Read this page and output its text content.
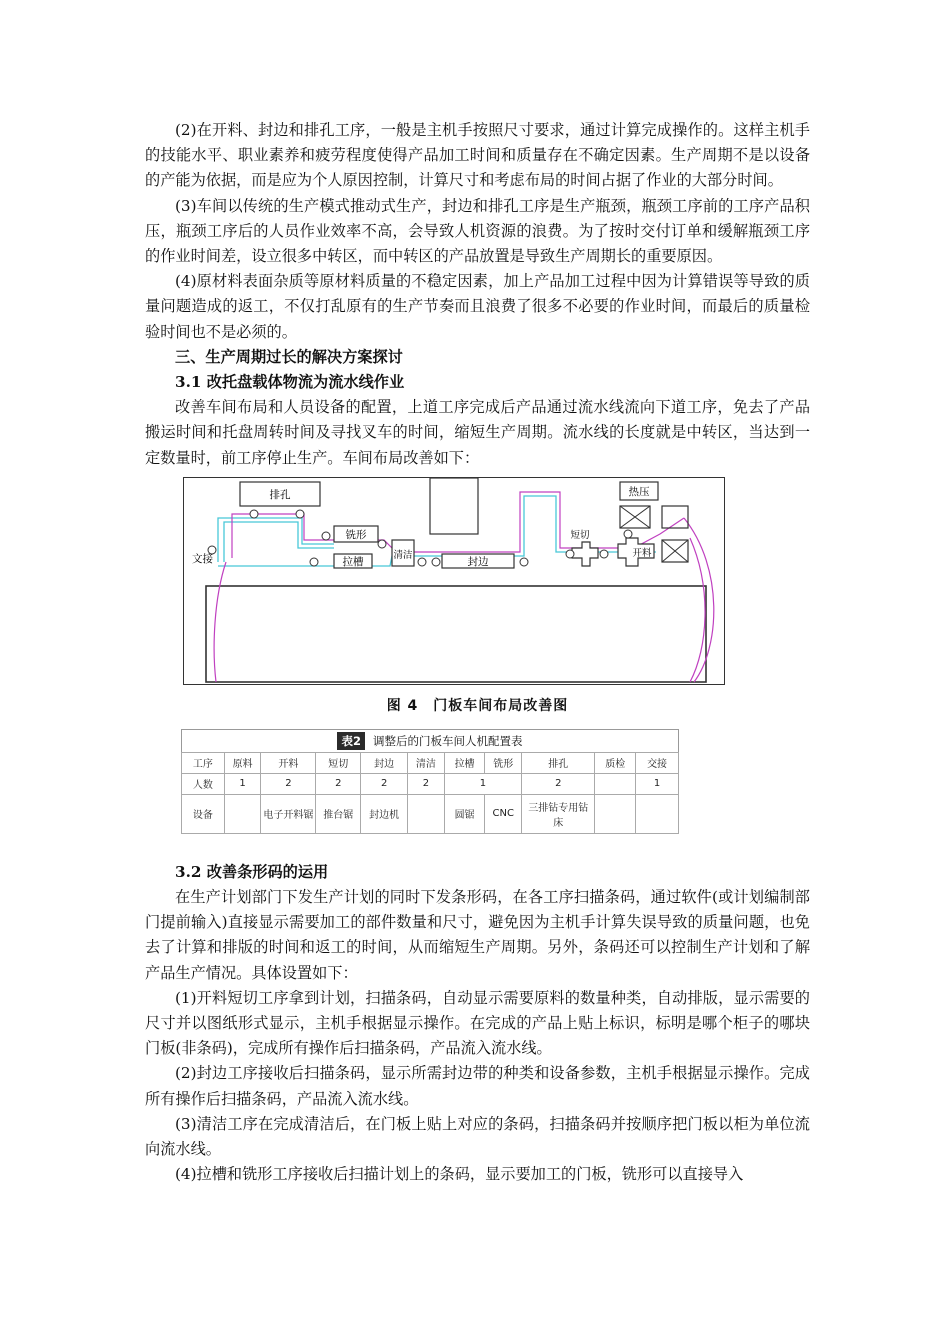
(2)在开料、封边和排孔工序，一般是主机手按照尺寸要求，通过计算完成操作的。这样主机手的技能水平、职业素养和疲劳程度使得产品加工时间和质量存在不确定因素。生产周期不是以设备的产能为依据，而是应为个人原因控制，计算尺寸和考虑布局的时间占据了作业的大部分时间。

(3)车间以传统的生产模式推动式生产，封边和排孔工序是生产瓶颈，瓶颈工序前的工序产品积压，瓶颈工序后的人员作业效率不高，会导致人机资源的浪费。为了按时交付订单和缓解瓶颈工序的作业时间差，设立很多中转区，而中转区的产品放置是导致生产周期长的重要原因。

(4)原材料表面杂质等原材料质量的不稳定因素，加上产品加工过程中因为计算错误等导致的质量问题造成的返工，不仅打乱原有的生产节奏而且浪费了很多不必要的作业时间，而最后的质量检验时间也不是必须的。

三、生产周期过长的解决方案探讨

3.1 改托盘载体物流为流水线作业

改善车间布局和人员设备的配置，上道工序完成后产品通过流水线流向下道工序，免去了产品搬运时间和托盘周转时间及寻找叉车的时间，缩短生产周期。流水线的长度就是中转区，当达到一定数量时，前工序停止生产。车间布局改善如下：

排孔
铣形
拉槽
清洁
封边
热压
开料
短切
文接

图 4　门板车间布局改善图

表2	调整后的门板车间人机配置表
工序	原料	开料	短切	封边	清洁	拉槽	铣形	排孔	质检	交接
人数	1	2	2	2	2	1		2		1
设备		电子开料锯	推台锯	封边机		圆锯	CNC	三排钻专用钻床		

3.2 改善条形码的运用

在生产计划部门下发生产计划的同时下发条形码，在各工序扫描条码，通过软件(或计划编制部门提前输入)直接显示需要加工的部件数量和尺寸，避免因为主机手计算失误导致的质量问题，也免去了计算和排版的时间和返工的时间，从而缩短生产周期。另外，条码还可以控制生产计划和了解产品生产情况。具体设置如下：

(1)开料短切工序拿到计划，扫描条码，自动显示需要原料的数量种类，自动排版，显示需要的尺寸并以图纸形式显示，主机手根据显示操作。在完成的产品上贴上标识，标明是哪个柜子的哪块门板(非条码)，完成所有操作后扫描条码，产品流入流水线。

(2)封边工序接收后扫描条码，显示所需封边带的种类和设备参数，主机手根据显示操作。完成所有操作后扫描条码，产品流入流水线。

(3)清洁工序在完成清洁后，在门板上贴上对应的条码，扫描条码并按顺序把门板以柜为单位流向流水线。

(4)拉槽和铣形工序接收后扫描计划上的条码，显示要加工的门板，铣形可以直接导入
